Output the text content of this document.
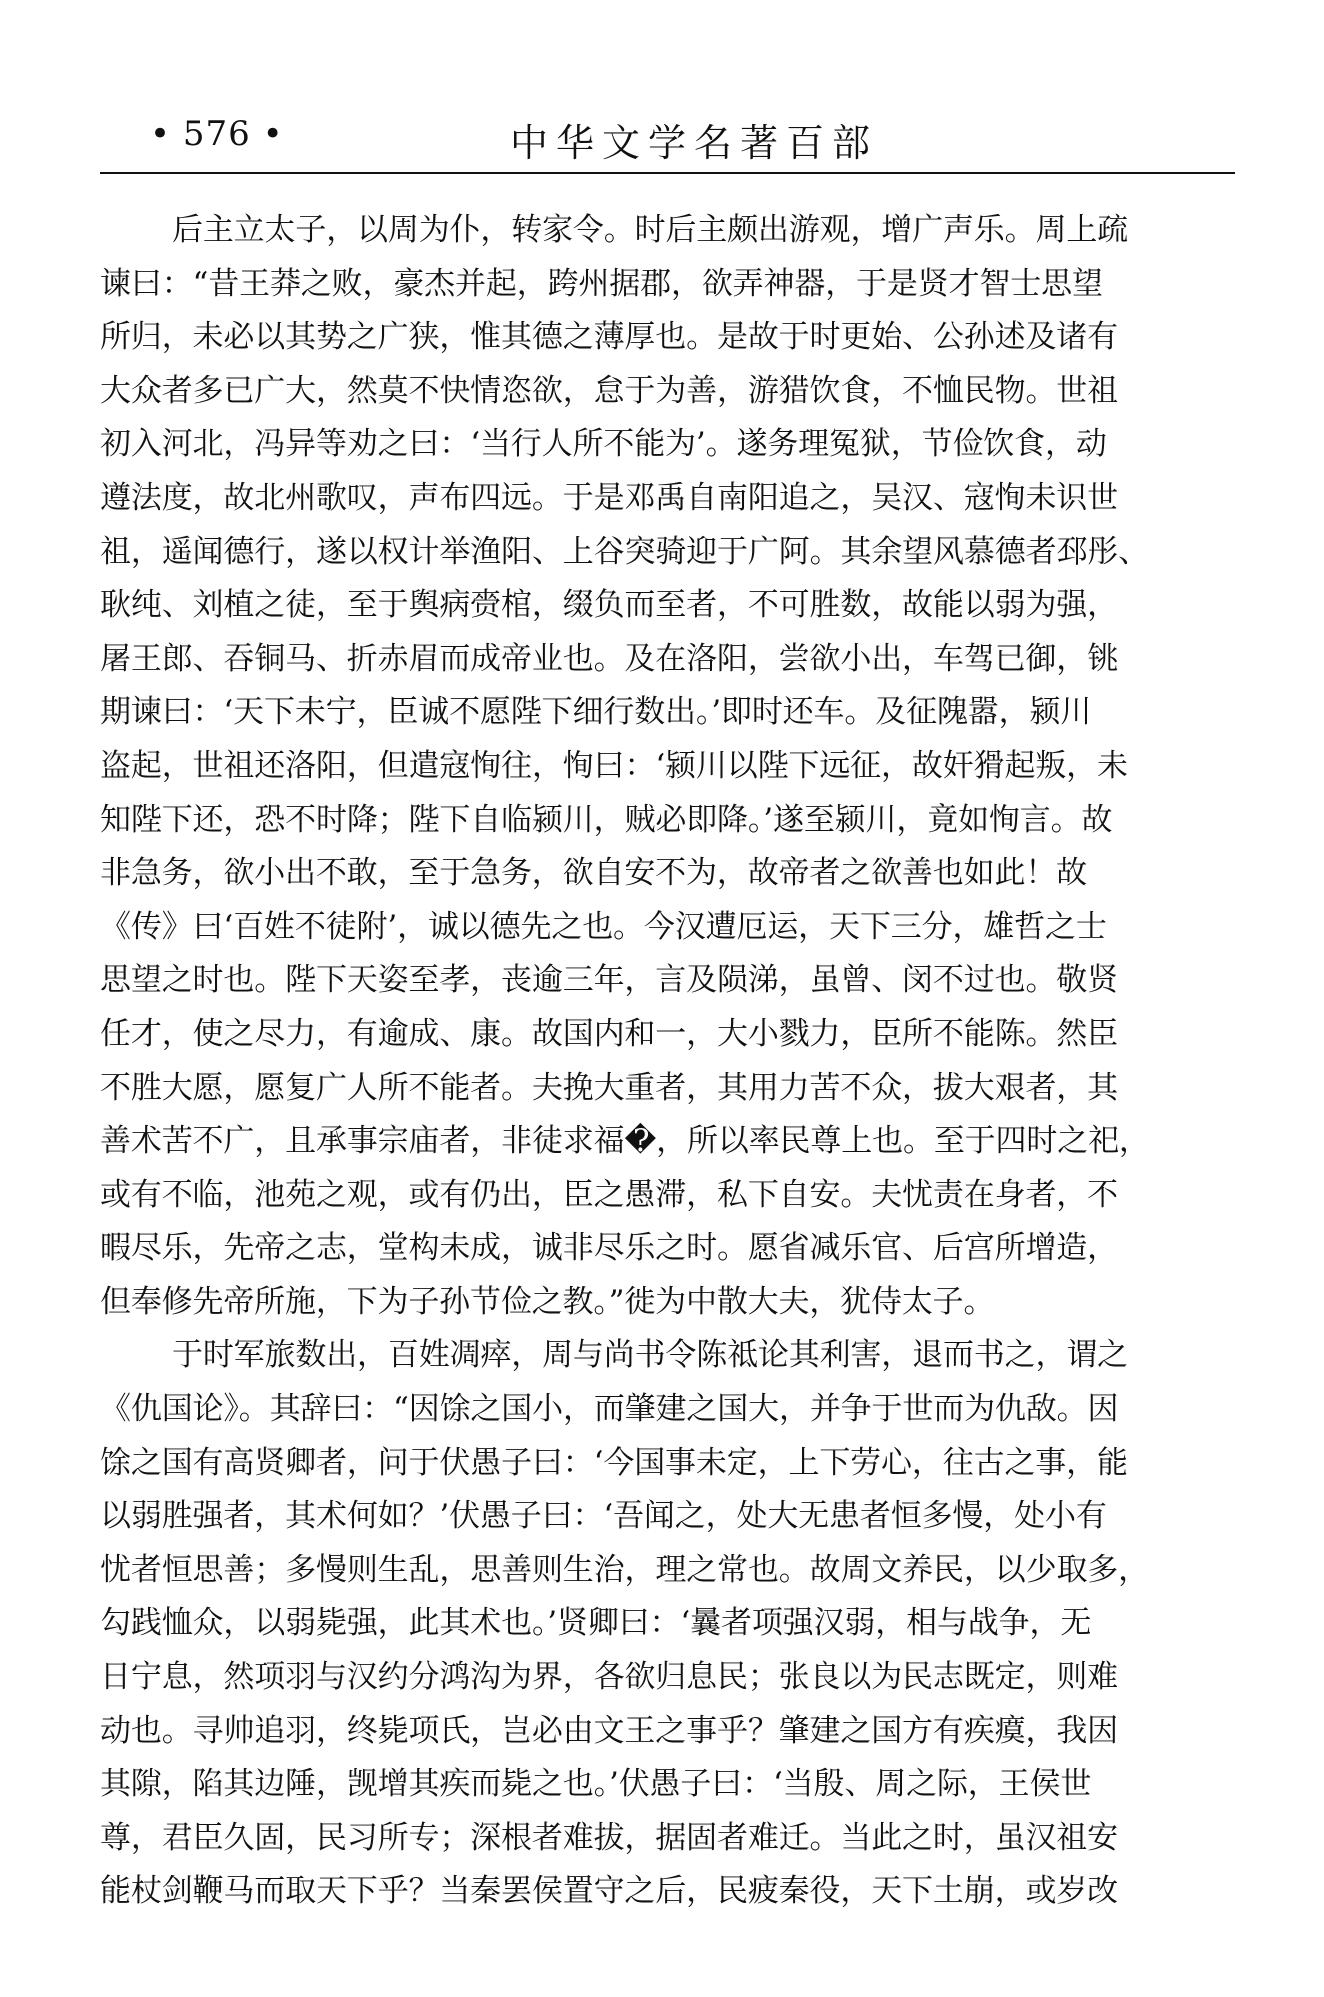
• 576 •	中华文学名著百部
后主立太子，以周为仆，转家令。时后主颇出游观，增广声乐。周上疏
谏曰：“昔王莽之败，豪杰并起，跨州据郡，欲弄神器，于是贤才智士思望
所归，未必以其势之广狭，惟其德之薄厚也。是故于时更始、公孙述及诸有
大众者多已广大，然莫不快情恣欲，怠于为善，游猎饮食，不恤民物。世祖
初入河北，冯异等劝之曰：‘当行人所不能为’。遂务理冤狱，节俭饮食，动
遵法度，故北州歌叹，声布四远。于是邓禹自南阳追之，吴汉、寇恂未识世
祖，遥闻德行，遂以权计举渔阳、上谷突骑迎于广阿。其余望风慕德者邳彤、
耿纯、刘植之徒，至于舆病赍棺，缀负而至者，不可胜数，故能以弱为强，
屠王郎、吞铜马、折赤眉而成帝业也。及在洛阳，尝欲小出，车驾已御，铫
期谏曰：‘天下未宁，臣诚不愿陛下细行数出。’即时还车。及征隗嚣，颍川
盗起，世祖还洛阳，但遣寇恂往，恂曰：‘颍川以陛下远征，故奸猾起叛，未
知陛下还，恐不时降；陛下自临颍川，贼必即降。’遂至颍川，竟如恂言。故
非急务，欲小出不敢，至于急务，欲自安不为，故帝者之欲善也如此！故
《传》曰‘百姓不徒附’，诚以德先之也。今汉遭厄运，天下三分，雄哲之士
思望之时也。陛下天姿至孝，丧逾三年，言及陨涕，虽曾、闵不过也。敬贤
任才，使之尽力，有逾成、康。故国内和一，大小戮力，臣所不能陈。然臣
不胜大愿，愿复广人所不能者。夫挽大重者，其用力苦不众，拔大艰者，其
善术苦不广，且承事宗庙者，非徒求福�，所以率民尊上也。至于四时之祀，
或有不临，池苑之观，或有仍出，臣之愚滞，私下自安。夫忧责在身者，不
暇尽乐，先帝之志，堂构未成，诚非尽乐之时。愿省减乐官、后宫所增造，
但奉修先帝所施，下为子孙节俭之教。”徙为中散大夫，犹侍太子。
于时军旅数出，百姓凋瘁，周与尚书令陈祗论其利害，退而书之，谓之
《仇国论》。其辞曰：“因馀之国小，而肇建之国大，并争于世而为仇敌。因
馀之国有高贤卿者，问于伏愚子曰：‘今国事未定，上下劳心，往古之事，能
以弱胜强者，其术何如？’伏愚子曰：‘吾闻之，处大无患者恒多慢，处小有
忧者恒思善；多慢则生乱，思善则生治，理之常也。故周文养民，以少取多，
勾践恤众，以弱毙强，此其术也。’贤卿曰：‘曩者项强汉弱，相与战争，无
日宁息，然项羽与汉约分鸿沟为界，各欲归息民；张良以为民志既定，则难
动也。寻帅追羽，终毙项氏，岂必由文王之事乎？肇建之国方有疾瘼，我因
其隙，陷其边陲，觊增其疾而毙之也。’伏愚子曰：‘当殷、周之际，王侯世
尊，君臣久固，民习所专；深根者难拔，据固者难迁。当此之时，虽汉祖安
能杖剑鞭马而取天下乎？当秦罢侯置守之后，民疲秦役，天下土崩，或岁改
